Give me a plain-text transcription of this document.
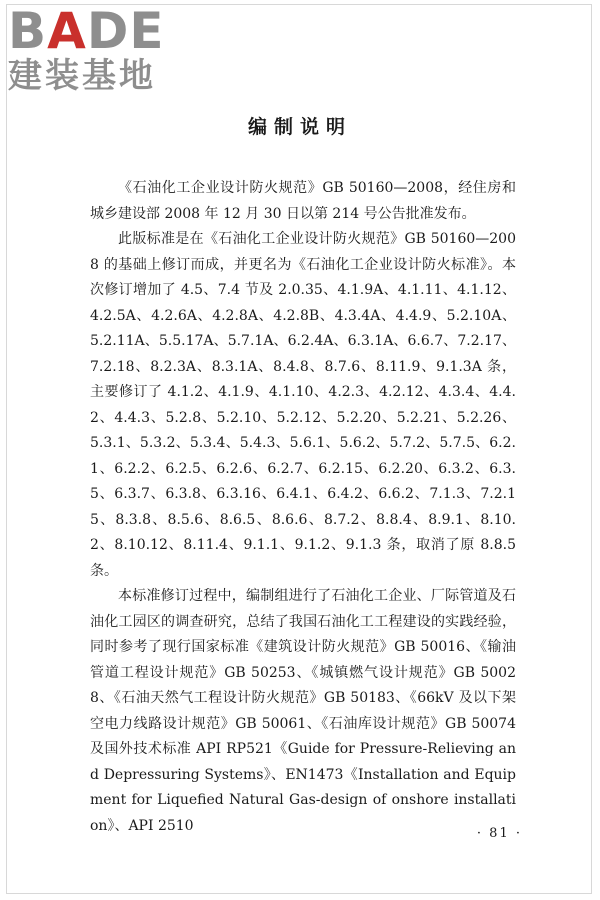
BADE
建装基地
编制说明

《石油化工企业设计防火规范》GB 50160—2008，经住房和城乡建设部 2008 年 12 月 30 日以第 214 号公告批准发布。

此版标准是在《石油化工企业设计防火规范》GB 50160—2008 的基础上修订而成，并更名为《石油化工企业设计防火标准》。本次修订增加了 4.5、7.4 节及 2.0.35、4.1.9A、4.1.11、4.1.12、4.2.5A、4.2.6A、4.2.8A、4.2.8B、4.3.4A、4.4.9、5.2.10A、5.2.11A、5.5.17A、5.7.1A、6.2.4A、6.3.1A、6.6.7、7.2.17、7.2.18、8.2.3A、8.3.1A、8.4.8、8.7.6、8.11.9、9.1.3A 条，主要修订了 4.1.2、4.1.9、4.1.10、4.2.3、4.2.12、4.3.4、4.4.2、4.4.3、5.2.8、5.2.10、5.2.12、5.2.20、5.2.21、5.2.26、5.3.1、5.3.2、5.3.4、5.4.3、5.6.1、5.6.2、5.7.2、5.7.5、6.2.1、6.2.2、6.2.5、6.2.6、6.2.7、6.2.15、6.2.20、6.3.2、6.3.5、6.3.7、6.3.8、6.3.16、6.4.1、6.4.2、6.6.2、7.1.3、7.2.15、8.3.8、8.5.6、8.6.5、8.6.6、8.7.2、8.8.4、8.9.1、8.10.2、8.10.12、8.11.4、9.1.1、9.1.2、9.1.3 条，取消了原 8.8.5 条。

本标准修订过程中，编制组进行了石油化工企业、厂际管道及石油化工园区的调查研究，总结了我国石油化工工程建设的实践经验，同时参考了现行国家标准《建筑设计防火规范》GB 50016、《输油管道工程设计规范》GB 50253、《城镇燃气设计规范》GB 50028、《石油天然气工程设计防火规范》GB 50183、《66kV 及以下架空电力线路设计规范》GB 50061、《石油库设计规范》GB 50074 及国外技术标准 API RP521《Guide for Pressure-Relieving and Depressuring Systems》、EN1473《Installation and Equipment for Liquefied Natural Gas-design of onshore installation》、API 2510	· 81 ·
